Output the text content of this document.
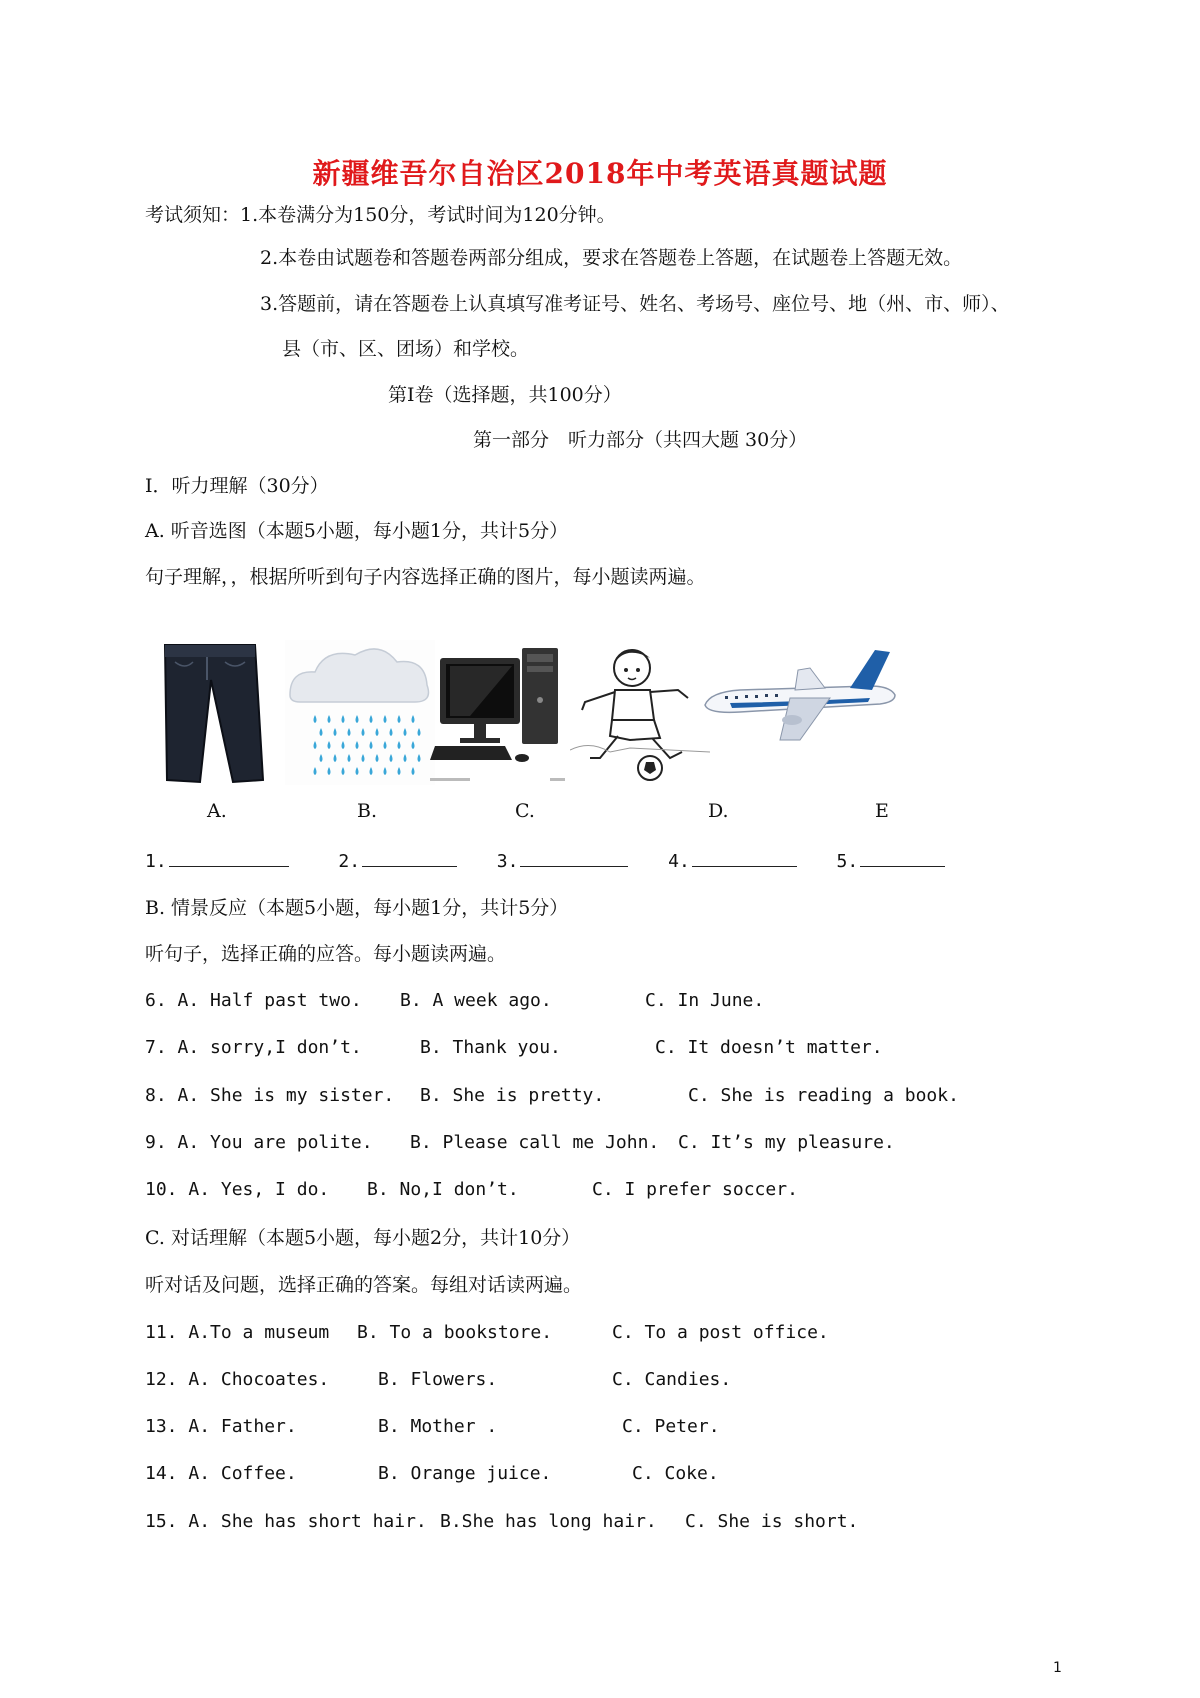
新疆维吾尔自治区2018年中考英语真题试题
考试须知：1.本卷满分为150分，考试时间为120分钟。
2.本卷由试题卷和答题卷两部分组成，要求在答题卷上答题，在试题卷上答题无效。
3.答题前，请在答题卷上认真填写准考证号、姓名、考场号、座位号、地（州、市、师）、
县（市、区、团场）和学校。
第Ⅰ卷（选择题，共100分）
第一部分　听力部分（共四大题 30分）
Ⅰ．听力理解（30分）
A. 听音选图（本题5小题，每小题1分，共计5分）
句子理解，，根据所听到句子内容选择正确的图片，每小题读两遍。
A.	B.	C.	D.	E
1.	2.	3.	4.	5.
B. 情景反应（本题5小题，每小题1分，共计5分）
听句子，选择正确的应答。每小题读两遍。
6. A. Half past two. B. A week ago.	C. In June.
7. A. sorry,I don’t.	B. Thank you.	C. It doesn’t matter.
8. A. She is my sister. B. She is pretty.	C. She is reading a book.
9. A. You are polite. B. Please call me John. C. It’s my pleasure.
10. A. Yes, I do. B. No,I don’t.	C. I prefer soccer.
C. 对话理解（本题5小题，每小题2分，共计10分）
听对话及问题，选择正确的答案。每组对话读两遍。
11. A.To a museum B. To a bookstore.	C. To a post office.
12. A. Chocoates.	B. Flowers.	C. Candies.
13. A. Father.	B. Mother .	C. Peter.
14. A. Coffee.	B. Orange juice.	C. Coke.
15. A. She has short hair. B.She has long hair. C. She is short.
1
